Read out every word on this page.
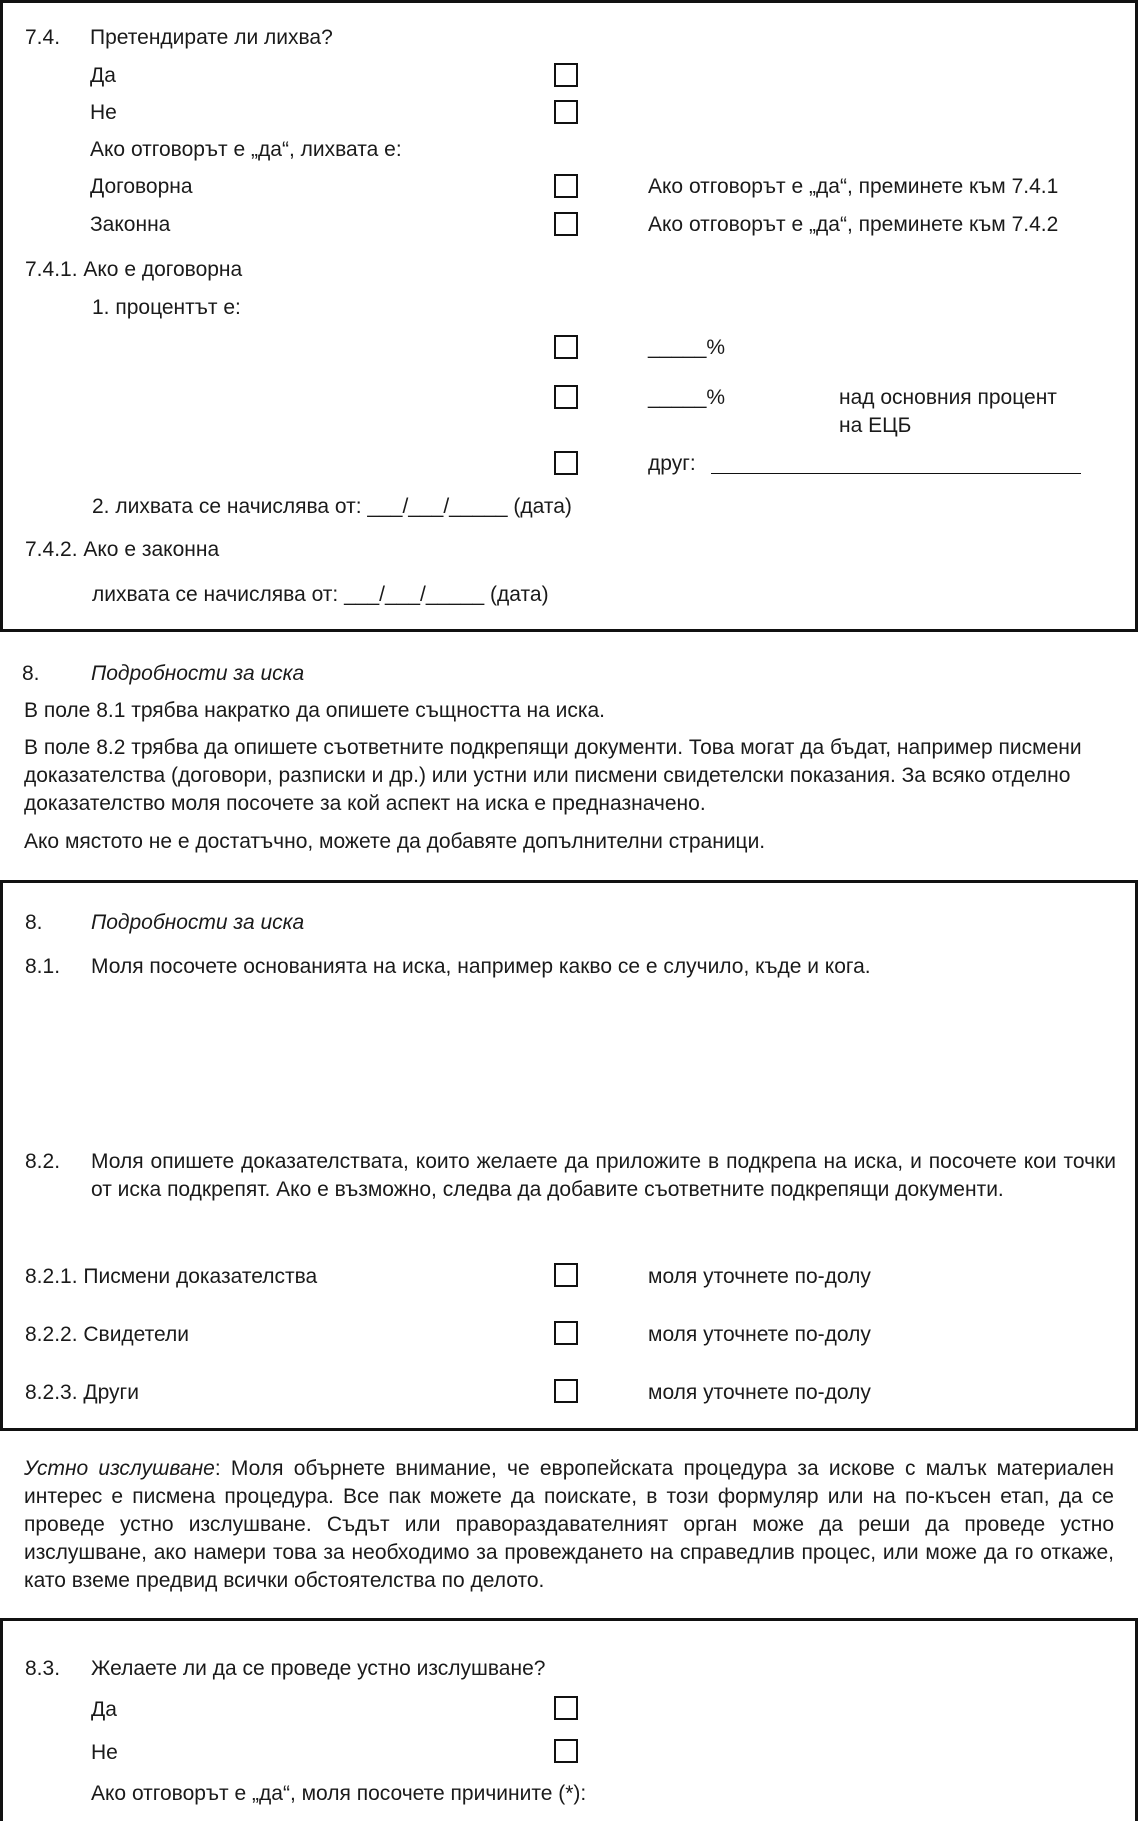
7.4. Претендирате ли лихва?
Да
Не
Ако отговорът е „да“, лихвата е:
Договорна	Ако отговорът е „да“, преминете към 7.4.1
Законна	Ако отговорът е „да“, преминете към 7.4.2
7.4.1. Ако е договорна
1. процентът е:
_____%
_____%	над основния процент
на ЕЦБ
друг:
2. лихвата се начислява от: ___/___/_____ (дата)
7.4.2. Ако е законна
лихвата се начислява от: ___/___/_____ (дата)
8. Подробности за иска
В поле 8.1 трябва накратко да опишете същността на иска.
В поле 8.2 трябва да опишете съответните подкрепящи документи. Това могат да бъдат, например писмени доказателства (договори, разписки и др.) или устни или писмени свидетелски показания. За всяко отделно доказателство моля посочете за кой аспект на иска е предназначено.
Ако мястото не е достатъчно, можете да добавяте допълнителни страници.
8. Подробности за иска
8.1. Моля посочете основанията на иска, например какво се е случило, къде и кога.
8.2. Моля опишете доказателствата, които желаете да приложите в подкрепа на иска, и посочете кои точки от иска подкрепят. Ако е възможно, следва да добавите съответните подкрепящи документи.
8.2.1. Писмени доказателства	моля уточнете по-долу
8.2.2. Свидетели	моля уточнете по-долу
8.2.3. Други	моля уточнете по-долу
Устно изслушване: Моля обърнете внимание, че европейската процедура за искове с малък материален интерес е писмена процедура. Все пак можете да поискате, в този формуляр или на по-късен етап, да се проведе устно изслушване. Съдът или правораздавателният орган може да реши да проведе устно изслушване, ако намери това за необходимо за провеждането на справедлив процес, или може да го откаже, като вземе предвид всички обстоятелства по делото.
8.3. Желаете ли да се проведе устно изслушване?
Да
Не
Ако отговорът е „да“, моля посочете причините (*):
